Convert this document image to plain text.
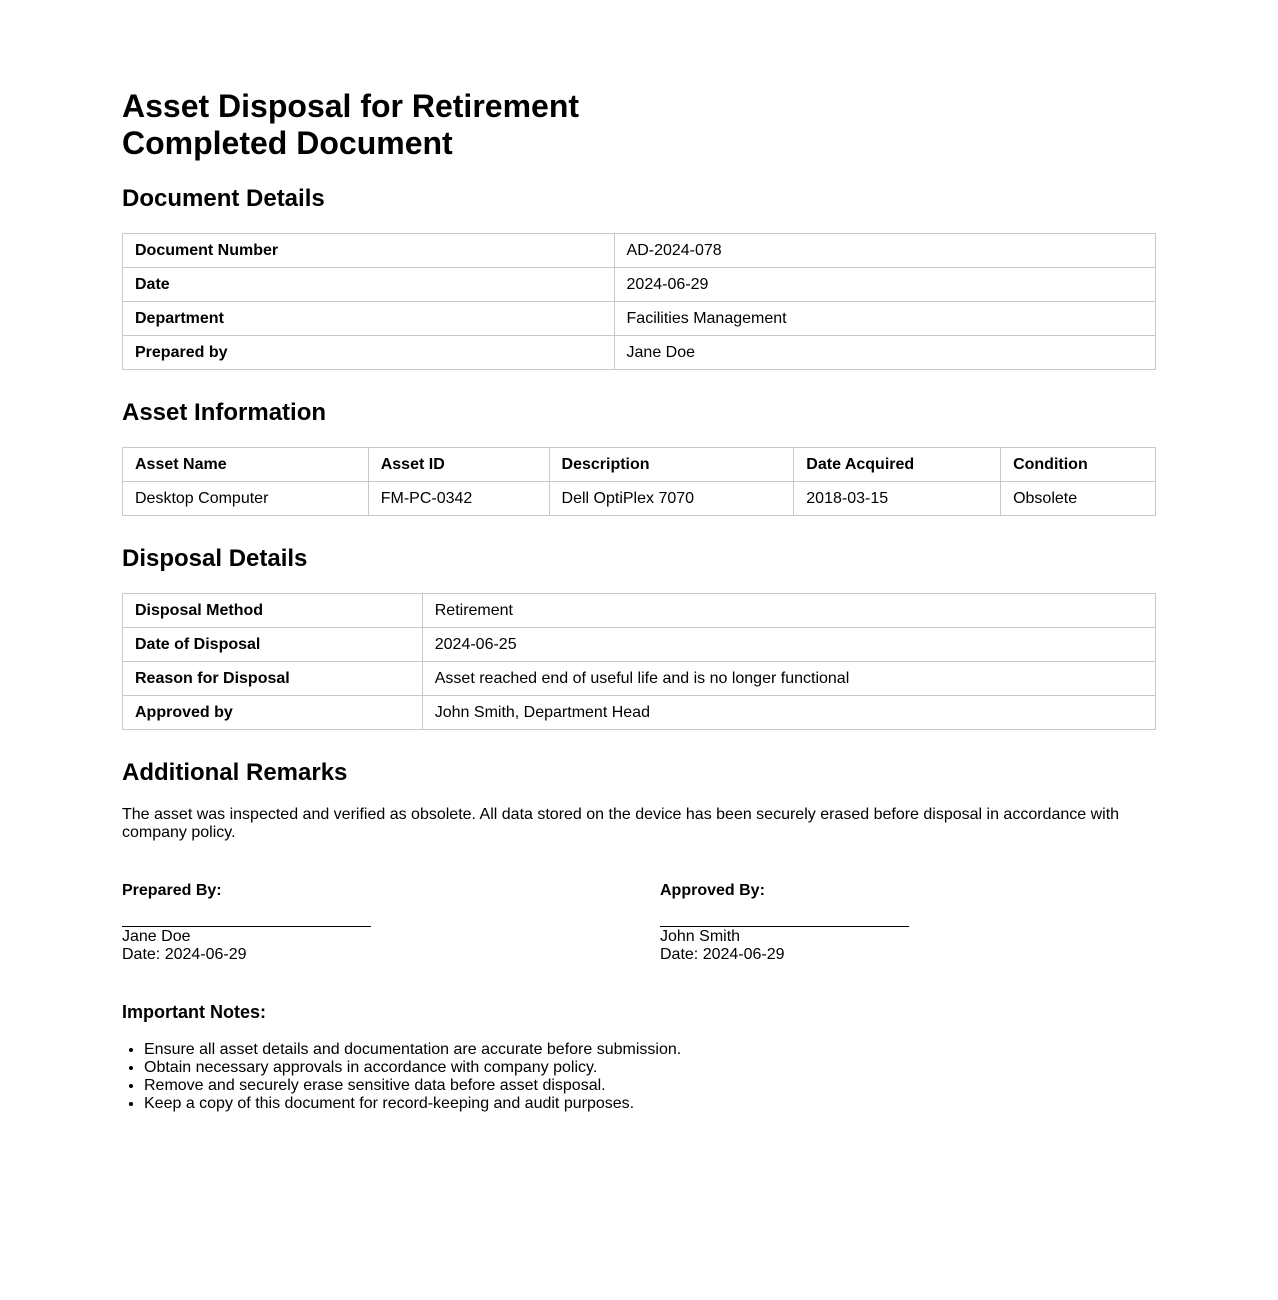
Asset Disposal for Retirement
Completed Document
Document Details
Document Number	AD-2024-078
Date	2024-06-29
Department	Facilities Management
Prepared by	Jane Doe
Asset Information
Asset Name	Asset ID	Description	Date Acquired	Condition
Desktop Computer	FM-PC-0342	Dell OptiPlex 7070	2018-03-15	Obsolete
Disposal Details
Disposal Method	Retirement
Date of Disposal	2024-06-25
Reason for Disposal	Asset reached end of useful life and is no longer functional
Approved by	John Smith, Department Head
Additional Remarks

The asset was inspected and verified as obsolete. All data stored on the device has been securely erased before disposal in accordance with company policy.

Prepared By:
Jane Doe
Date: 2024-06-29
Approved By:
John Smith
Date: 2024-06-29
Important Notes:
• Ensure all asset details and documentation are accurate before submission.
• Obtain necessary approvals in accordance with company policy.
• Remove and securely erase sensitive data before asset disposal.
• Keep a copy of this document for record-keeping and audit purposes.
